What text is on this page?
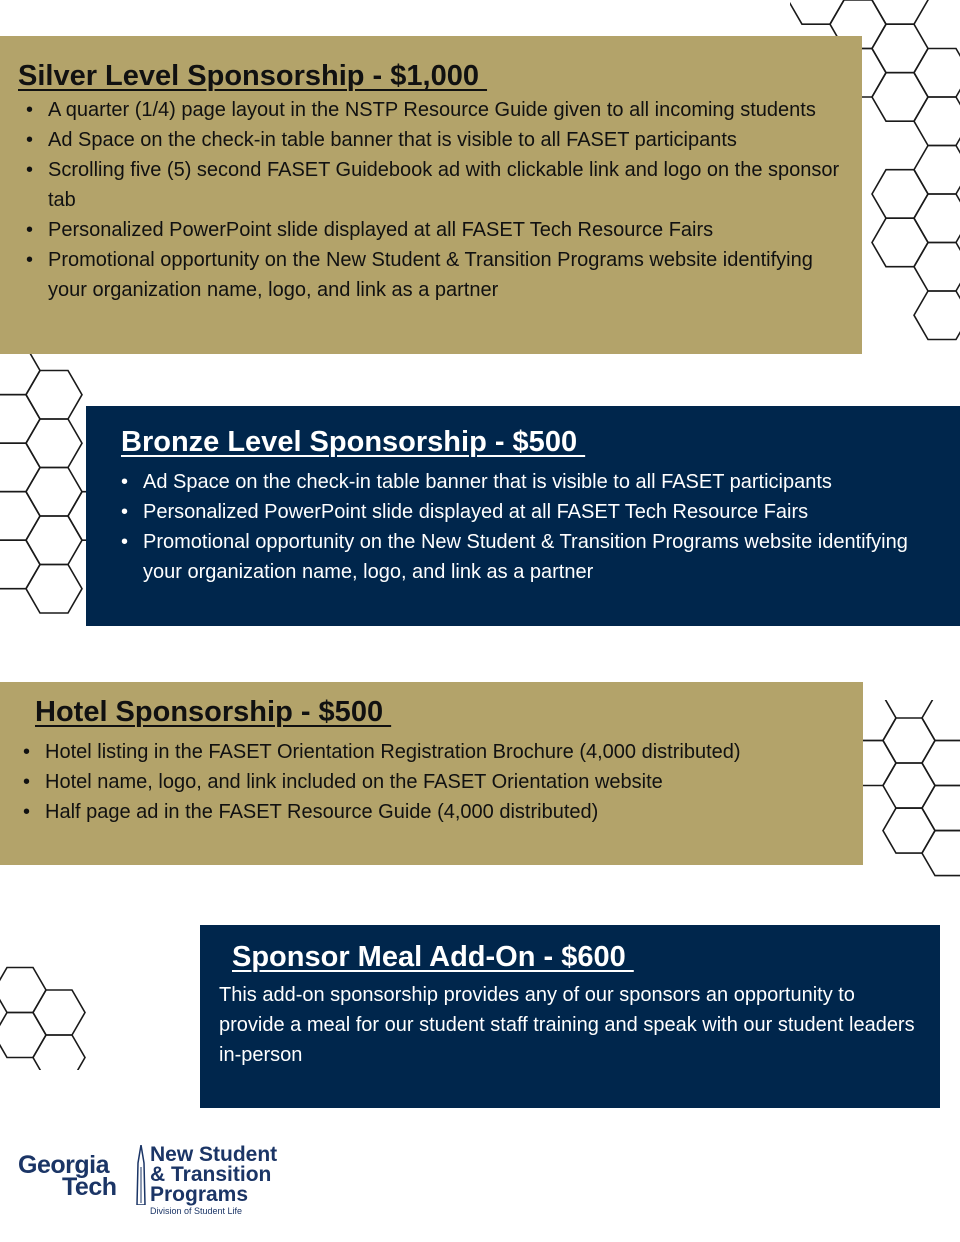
Silver Level Sponsorship - $1,000
• A quarter (1/4) page layout in the NSTP Resource Guide given to all incoming students
• Ad Space on the check-in table banner that is visible to all FASET participants
• Scrolling five (5) second FASET Guidebook ad with clickable link and logo on the sponsor tab
• Personalized PowerPoint slide displayed at all FASET Tech Resource Fairs
• Promotional opportunity on the New Student & Transition Programs website identifying your organization name, logo, and link as a partner
Bronze Level Sponsorship - $500
• Ad Space on the check-in table banner that is visible to all FASET participants
• Personalized PowerPoint slide displayed at all FASET Tech Resource Fairs
• Promotional opportunity on the New Student & Transition Programs website identifying your organization name, logo, and link as a partner
Hotel Sponsorship - $500
• Hotel listing in the FASET Orientation Registration Brochure (4,000 distributed)
• Hotel name, logo, and link included on the FASET Orientation website
• Half page ad in the FASET Resource Guide (4,000 distributed)
Sponsor Meal Add-On - $600

This add-on sponsorship provides any of our sponsors an opportunity to provide a meal for our student staff training and speak with our student leaders in-person

Georgia
Tech
New Student
& Transition
Programs
Division of Student Life
